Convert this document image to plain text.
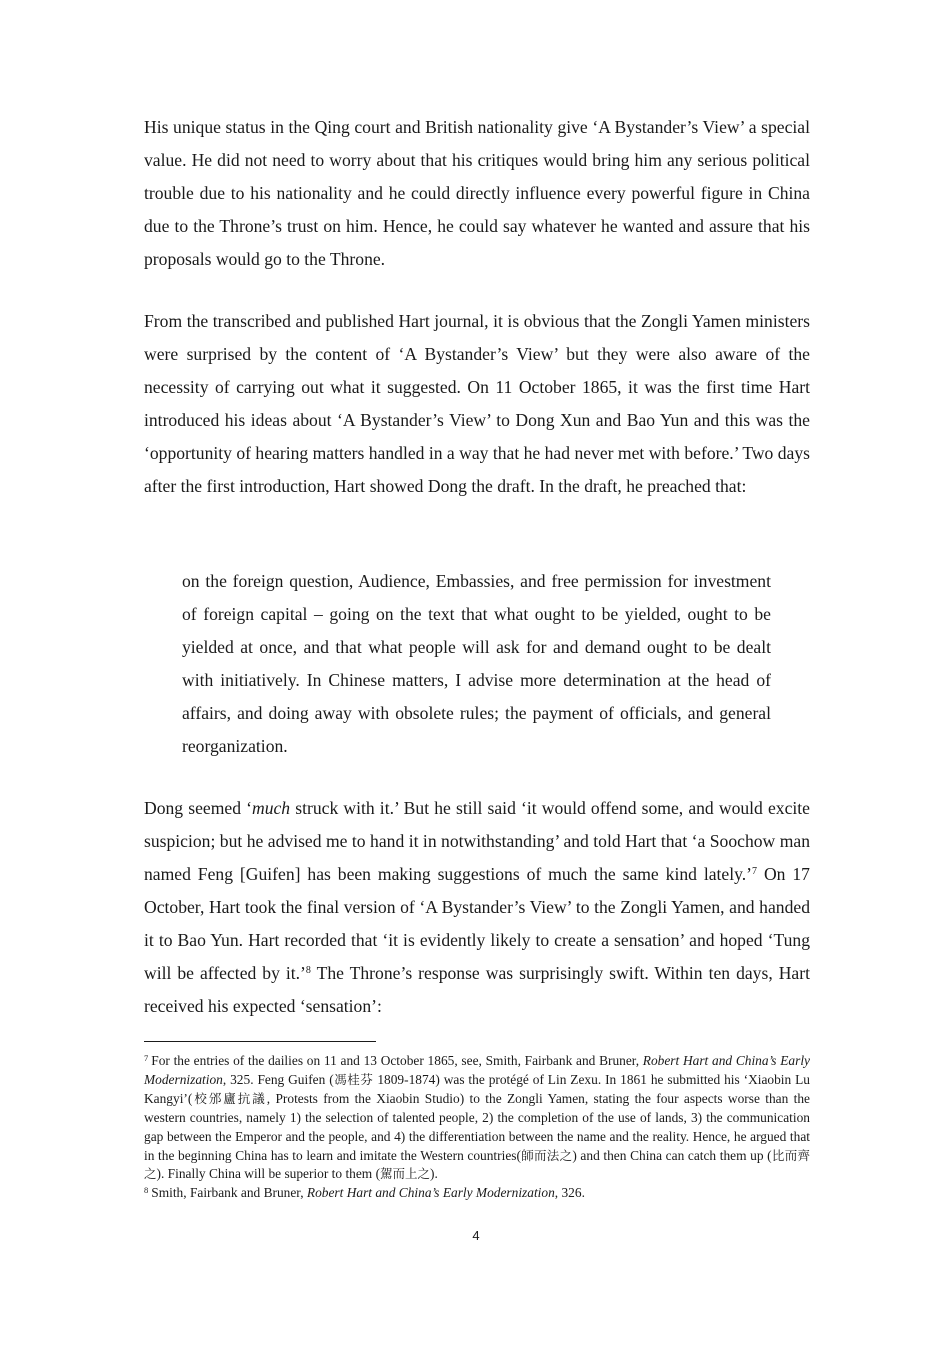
His unique status in the Qing court and British nationality give ‘A Bystander’s View’ a special value. He did not need to worry about that his critiques would bring him any serious political trouble due to his nationality and he could directly influence every powerful figure in China due to the Throne’s trust on him. Hence, he could say whatever he wanted and assure that his proposals would go to the Throne.

From the transcribed and published Hart journal, it is obvious that the Zongli Yamen ministers were surprised by the content of ‘A Bystander’s View’ but they were also aware of the necessity of carrying out what it suggested. On 11 October 1865, it was the first time Hart introduced his ideas about ‘A Bystander’s View’ to Dong Xun and Bao Yun and this was the ‘opportunity of hearing matters handled in a way that he had never met with before.’ Two days after the first introduction, Hart showed Dong the draft. In the draft, he preached that:

on the foreign question, Audience, Embassies, and free permission for investment of foreign capital – going on the text that what ought to be yielded, ought to be yielded at once, and that what people will ask for and demand ought to be dealt with initiatively. In Chinese matters, I advise more determination at the head of affairs, and doing away with obsolete rules; the payment of officials, and general reorganization.

Dong seemed ‘much struck with it.’ But he still said ‘it would offend some, and would excite suspicion; but he advised me to hand it in notwithstanding’ and told Hart that ‘a Soochow man named Feng [Guifen] has been making suggestions of much the same kind lately.’$^7$ On 17 October, Hart took the final version of ‘A Bystander’s View’ to the Zongli Yamen, and handed it to Bao Yun. Hart recorded that ‘it is evidently likely to create a sensation’ and hoped ‘Tung will be affected by it.’$^8$ The Throne’s response was surprisingly swift. Within ten days, Hart received his expected ‘sensation’:

$^7$ For the entries of the dailies on 11 and 13 October 1865, see, Smith, Fairbank and Bruner, Robert Hart and China’s Early Modernization, 325. Feng Guifen (馮桂芬 1809-1874) was the protégé of Lin Zexu. In 1861 he submitted his ‘Xiaobin Lu Kangyi’(校邠廬抗議, Protests from the Xiaobin Studio) to the Zongli Yamen, stating the four aspects worse than the western countries, namely 1) the selection of talented people, 2) the completion of the use of lands, 3) the communication gap between the Emperor and the people, and 4) the differentiation between the name and the reality. Hence, he argued that in the beginning China has to learn and imitate the Western countries(師而法之) and then China can catch them up (比而齊之). Finally China will be superior to them (駕而上之).

$^8$ Smith, Fairbank and Bruner, Robert Hart and China’s Early Modernization, 326.

4
